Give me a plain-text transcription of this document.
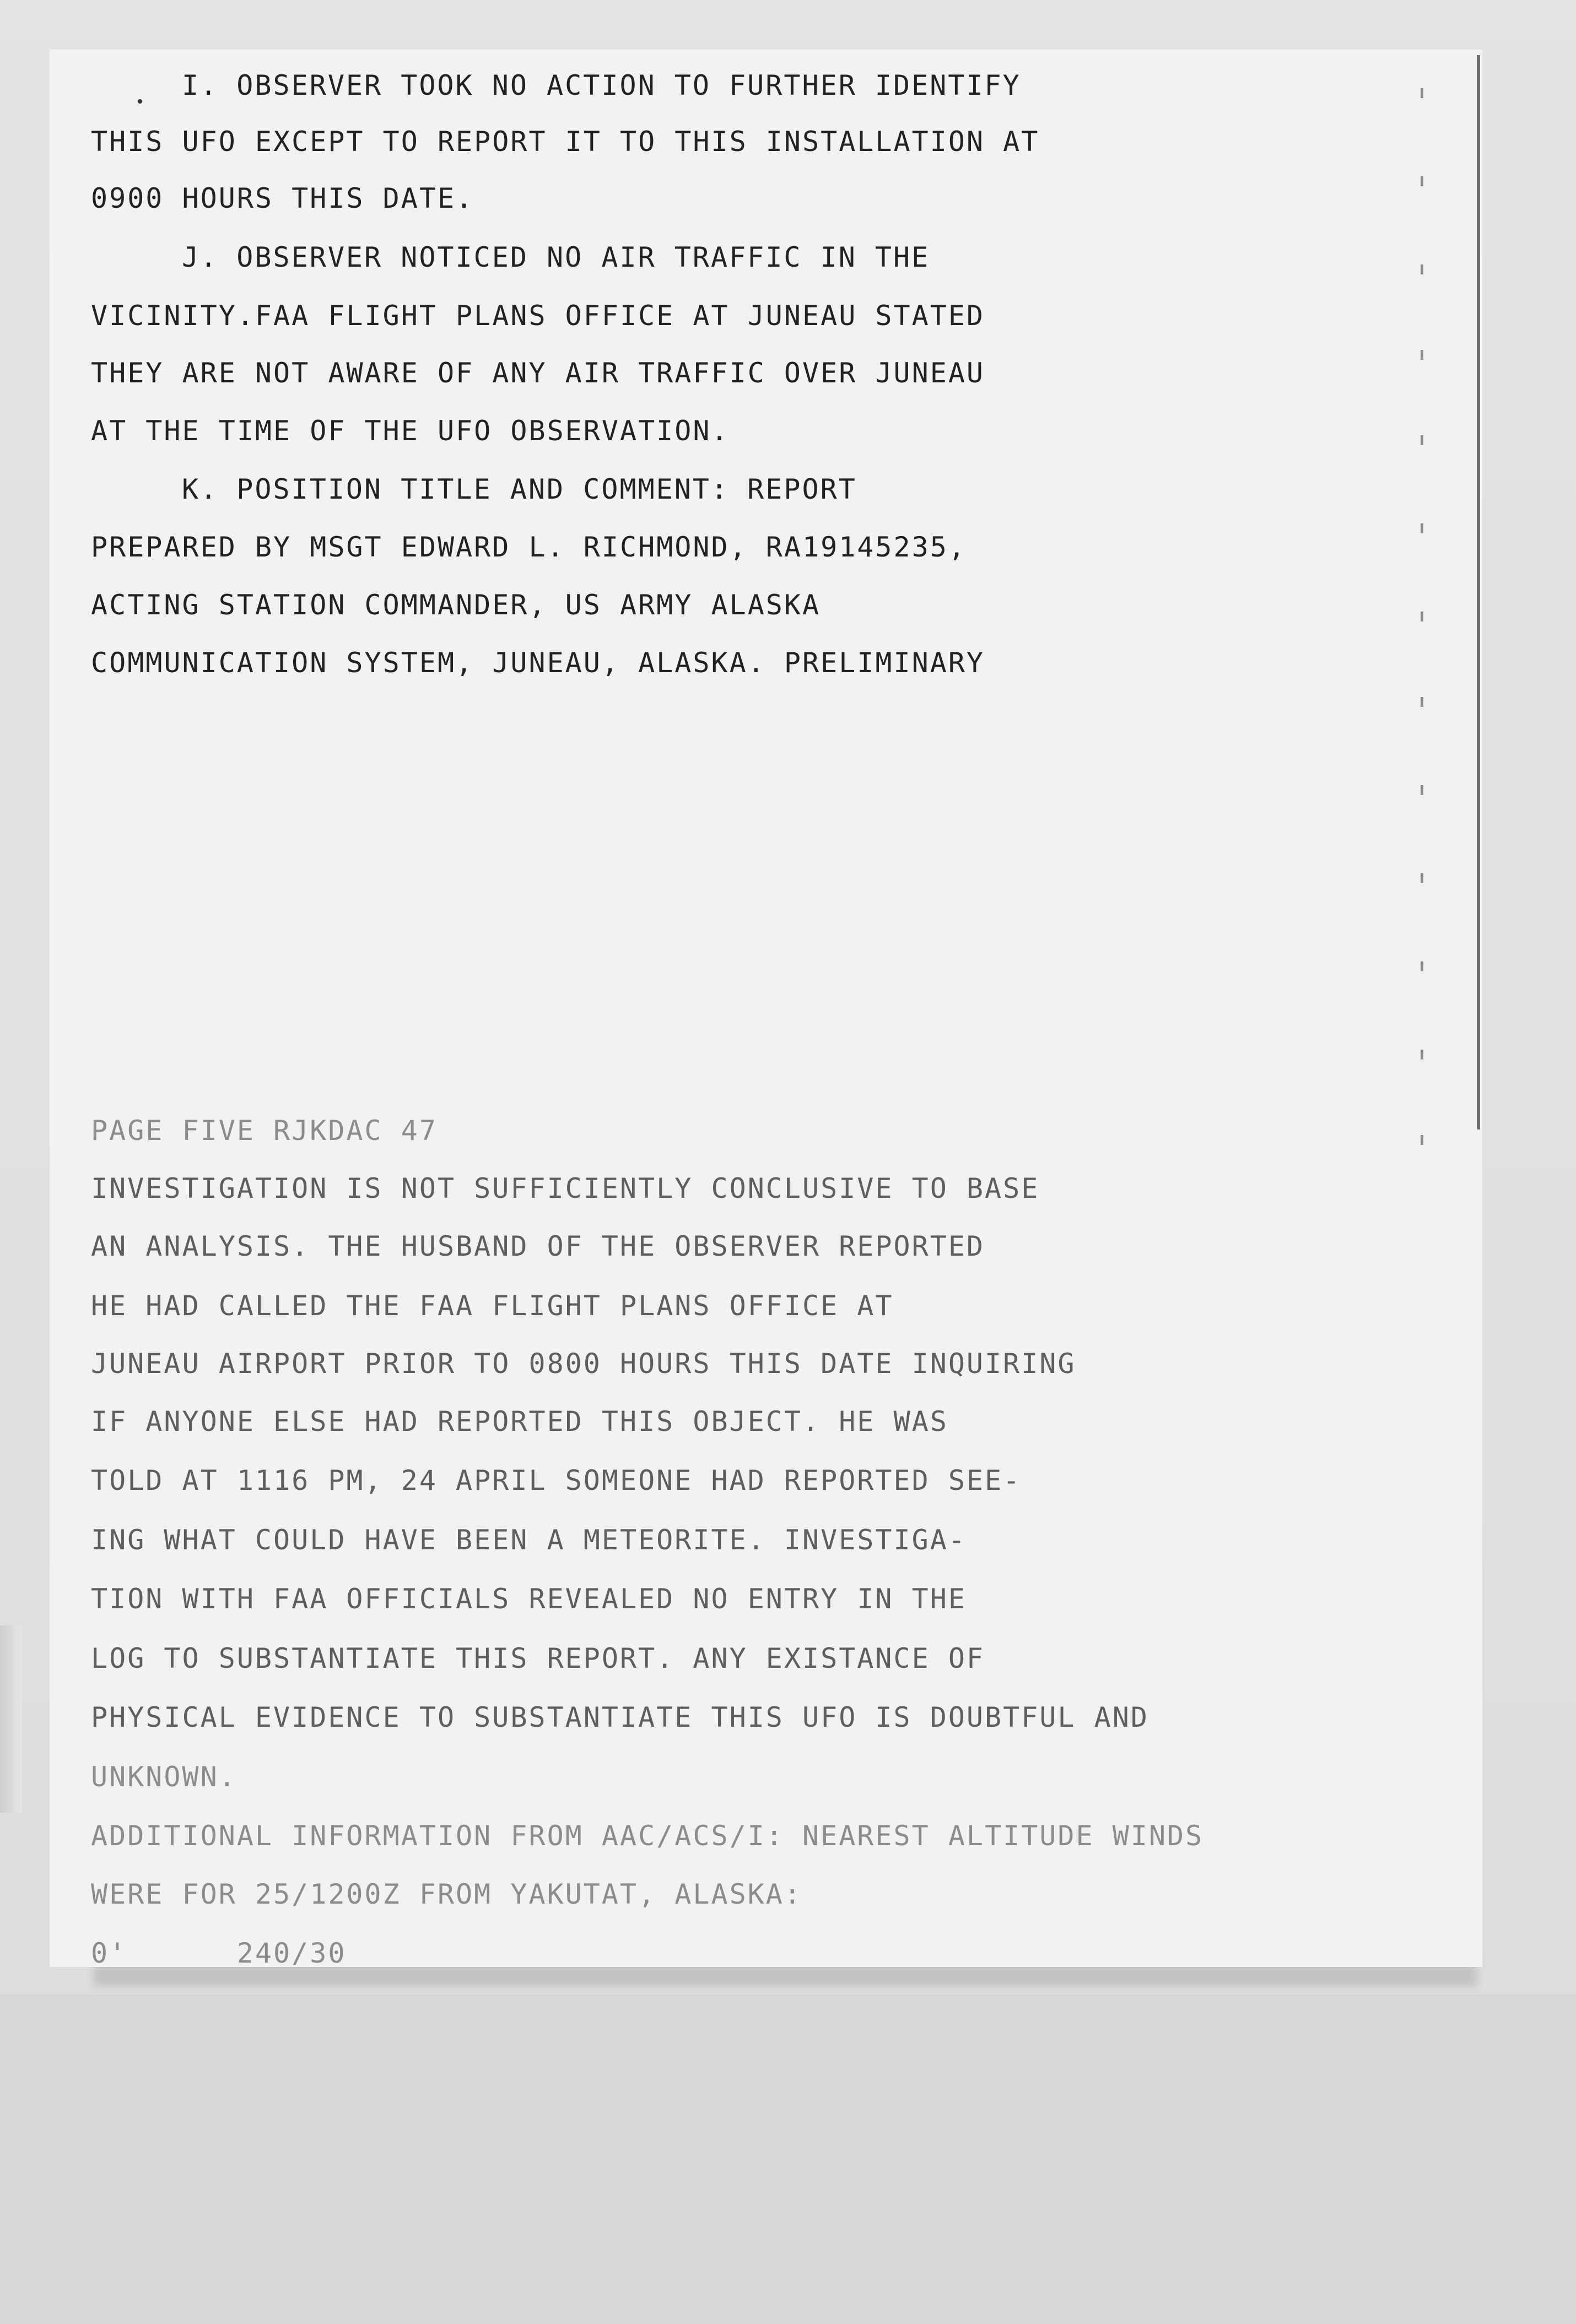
I. OBSERVER TOOK NO ACTION TO FURTHER IDENTIFY
THIS UFO EXCEPT TO REPORT IT TO THIS INSTALLATION AT
0900 HOURS THIS DATE.
J. OBSERVER NOTICED NO AIR TRAFFIC IN THE
VICINITY.FAA FLIGHT PLANS OFFICE AT JUNEAU STATED
THEY ARE NOT AWARE OF ANY AIR TRAFFIC OVER JUNEAU
AT THE TIME OF THE UFO OBSERVATION.
K. POSITION TITLE AND COMMENT: REPORT
PREPARED BY MSGT EDWARD L. RICHMOND, RA19145235,
ACTING STATION COMMANDER, US ARMY ALASKA
COMMUNICATION SYSTEM, JUNEAU, ALASKA. PRELIMINARY
PAGE FIVE RJKDAC 47
INVESTIGATION IS NOT SUFFICIENTLY CONCLUSIVE TO BASE
AN ANALYSIS. THE HUSBAND OF THE OBSERVER REPORTED
HE HAD CALLED THE FAA FLIGHT PLANS OFFICE AT
JUNEAU AIRPORT PRIOR TO 0800 HOURS THIS DATE INQUIRING
IF ANYONE ELSE HAD REPORTED THIS OBJECT. HE WAS
TOLD AT 1116 PM, 24 APRIL SOMEONE HAD REPORTED SEE-
ING WHAT COULD HAVE BEEN A METEORITE. INVESTIGA-
TION WITH FAA OFFICIALS REVEALED NO ENTRY IN THE
LOG TO SUBSTANTIATE THIS REPORT. ANY EXISTANCE OF
PHYSICAL EVIDENCE TO SUBSTANTIATE THIS UFO IS DOUBTFUL AND
UNKNOWN.
ADDITIONAL INFORMATION FROM AAC/ACS/I: NEAREST ALTITUDE WINDS
WERE FOR 25/1200Z FROM YAKUTAT, ALASKA:
0'      240/30
